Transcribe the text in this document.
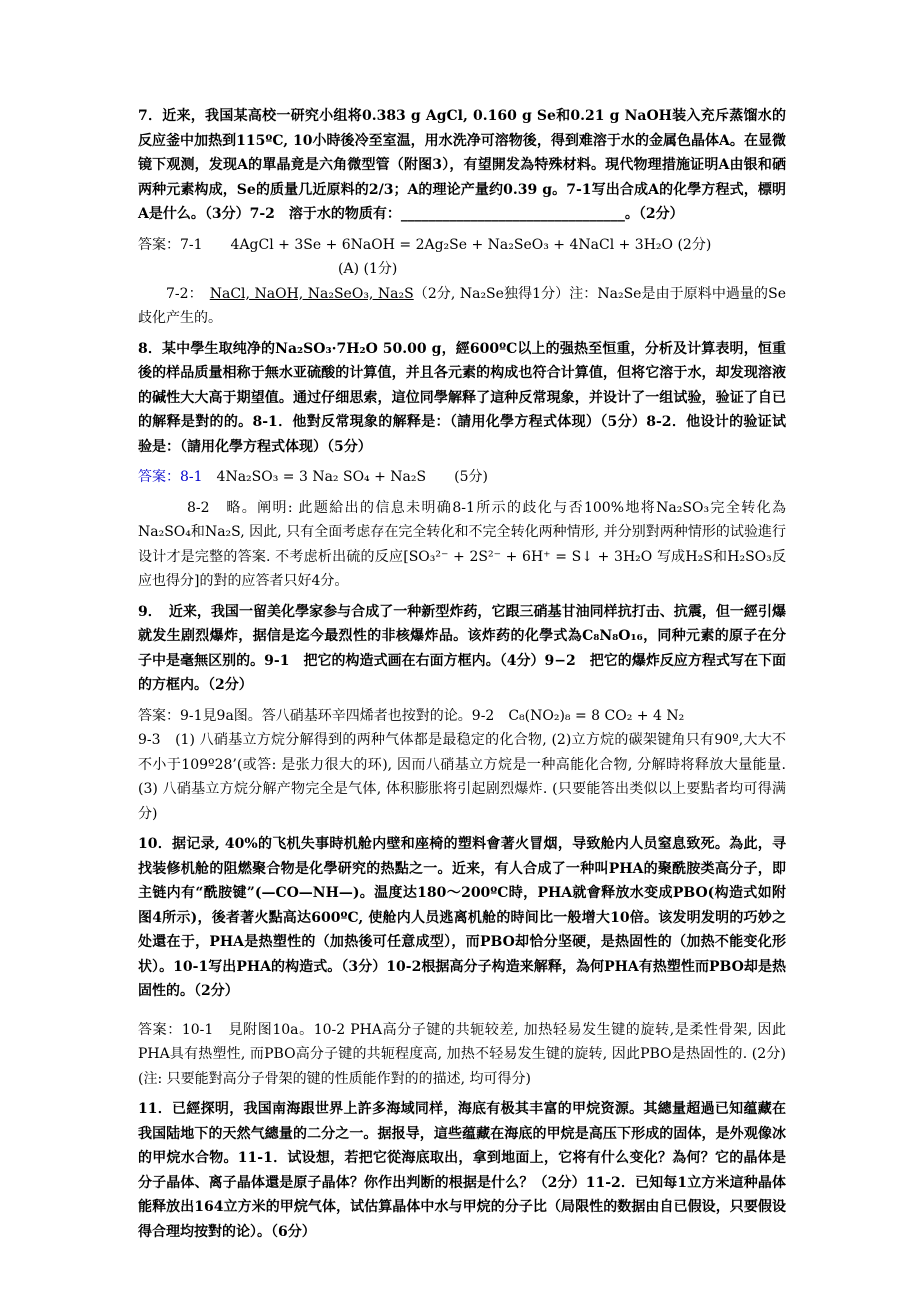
7．近来，我国某高校一研究小组将0.383 g AgCl, 0.160 g Se和0.21 g NaOH装入充斥蒸馏水的反应釜中加热到115ºC, 10小時後冷至室温，用水洗净可溶物後，得到难溶于水的金属色晶体A。在显微镜下观测，发现A的單晶竟是六角微型管（附图3），有望開发為特殊材料。現代物理措施证明A由银和硒两种元素构成，Se的质量几近原料的2/3；A的理论产量约0.39 g。7-1写出合成A的化學方程式，標明A是什么。（3分）7-2　溶于水的物质有：________________________________。（2分）

答案：7-1　　4AgCl + 3Se + 6NaOH = 2Ag₂Se + Na₂SeO₃ + 4NaCl + 3H₂O (2分)
(A) (1分)
7-2：　NaCl, NaOH, Na₂SeO₃, Na₂S（2分, Na₂Se独得1分）注：Na₂Se是由于原料中過量的Se歧化产生的。

8．某中學生取纯净的Na₂SO₃·7H₂O 50.00 g，經600ºC以上的强热至恒重，分析及计算表明，恒重後的样品质量相称于無水亚硫酸的计算值，并且各元素的构成也符合计算值，但将它溶于水，却发现溶液的碱性大大高于期望值。通过仔细思索，這位同學解释了這种反常現象，并设计了一组试验，验证了自已的解释是對的的。8-1．他對反常現象的解释是：（請用化學方程式体现）（5分）8-2．他设计的验证试验是：（請用化學方程式体现）（5分）

答案：8-1　4Na₂SO₃ = 3 Na₂ SO₄ + Na₂S　　(5分)
8-2　略。阐明: 此题給出的信息未明确8-1所示的歧化与否100%地将Na₂SO₃完全转化為Na₂SO₄和Na₂S, 因此, 只有全面考虑存在完全转化和不完全转化两种情形, 并分别對两种情形的试验進行设计才是完整的答案. 不考虑析出硫的反应[SO₃²⁻ + 2S²⁻ + 6H⁺ = S↓ + 3H₂O 写成H₂S和H₂SO₃反应也得分]的對的应答者只好4分。

9．　近来，我国一留美化學家参与合成了一种新型炸药，它跟三硝基甘油同样抗打击、抗震，但一經引爆就发生剧烈爆炸，据信是迄今最烈性的非核爆炸品。该炸药的化學式為C₈N₈O₁₆，同种元素的原子在分子中是毫無区别的。9-1　把它的构造式画在右面方框内。（4分）9−2　把它的爆炸反应方程式写在下面的方框内。（2分）

答案：9-1見9a图。答八硝基环辛四烯者也按對的论。9-2　C₈(NO₂)₈ = 8 CO₂ + 4 N₂
9-3　(1) 八硝基立方烷分解得到的两种气体都是最稳定的化合物, (2)立方烷的碳架键角只有90º,大大不不小于109º28’(或答: 是张力很大的环), 因而八硝基立方烷是一种高能化合物, 分解時将释放大量能量. (3) 八硝基立方烷分解产物完全是气体, 体积膨胀将引起剧烈爆炸. (只要能答出类似以上要點者均可得满分)

10．据记录, 40%的飞机失事時机舱内壁和座椅的塑料會著火冒烟，导致舱内人员窒息致死。為此，寻找装修机舱的阻燃聚合物是化學研究的热點之一。近来，有人合成了一种叫PHA的聚酰胺类高分子，即主链内有“酰胺键”(—CO—NH—)。温度达180～200ºC時，PHA就會释放水变成PBO(构造式如附图4所示)，後者著火點高达600ºC, 使舱内人员逃离机舱的時间比一般增大10倍。该发明发明的巧妙之处還在于，PHA是热塑性的（加热後可任意成型），而PBO却恰分坚硬，是热固性的（加热不能变化形状）。10-1写出PHA的构造式。（3分）10-2根据高分子构造来解释，為何PHA有热塑性而PBO却是热固性的。（2分）

答案：10-1　見附图10a。10-2 PHA高分子键的共轭较差, 加热轻易发生键的旋转,是柔性骨架, 因此PHA具有热塑性, 而PBO高分子键的共轭程度高, 加热不轻易发生键的旋转, 因此PBO是热固性的. (2分)(注: 只要能對高分子骨架的键的性质能作對的的描述, 均可得分)

11．已經探明，我国南海跟世界上許多海域同样，海底有极其丰富的甲烷资源。其總量超過已知蕴藏在我国陆地下的天然气總量的二分之一。据报导，這些蕴藏在海底的甲烷是高压下形成的固体，是外观像冰的甲烷水合物。11-1．试设想，若把它從海底取出，拿到地面上，它将有什么变化？為何？它的晶体是分子晶体、离子晶体還是原子晶体？你作出判断的根据是什么？（2分）11-2．已知每1立方米這种晶体能释放出164立方米的甲烷气体，试估算晶体中水与甲烷的分子比（局限性的数据由自已假设，只要假设得合理均按對的论）。（6分）
